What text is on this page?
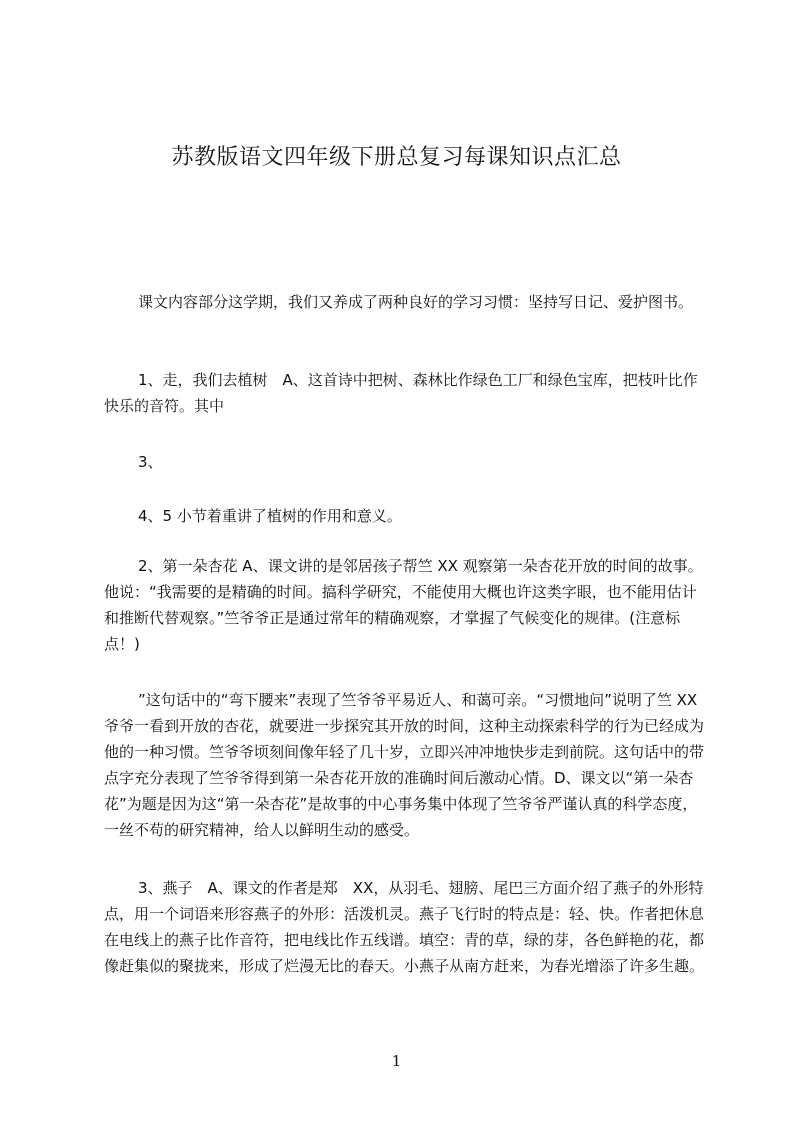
苏教版语文四年级下册总复习每课知识点汇总

课文内容部分这学期，我们又养成了两种良好的学习习惯：坚持写日记、爱护图书。

1、走，我们去植树　A、这首诗中把树、森林比作绿色工厂和绿色宝库，把枝叶比作快乐的音符。其中

3、

4、5 小节着重讲了植树的作用和意义。

2、第一朵杏花 A、课文讲的是邻居孩子帮竺 XX 观察第一朵杏花开放的时间的故事。他说：“我需要的是精确的时间。搞科学研究，不能使用大概也许这类字眼，也不能用估计和推断代替观察。”竺爷爷正是通过常年的精确观察，才掌握了气候变化的规律。(注意标点！)

”这句话中的“弯下腰来”表现了竺爷爷平易近人、和蔼可亲。“习惯地问”说明了竺 XX 爷爷一看到开放的杏花，就要进一步探究其开放的时间，这种主动探索科学的行为已经成为他的一种习惯。竺爷爷顷刻间像年轻了几十岁，立即兴冲冲地快步走到前院。这句话中的带点字充分表现了竺爷爷得到第一朵杏花开放的准确时间后激动心情。D、课文以“第一朵杏花”为题是因为这“第一朵杏花”是故事的中心事务集中体现了竺爷爷严谨认真的科学态度，一丝不苟的研究精神，给人以鲜明生动的感受。

3、燕子　A、课文的作者是郑　XX，从羽毛、翅膀、尾巴三方面介绍了燕子的外形特点，用一个词语来形容燕子的外形：活泼机灵。燕子飞行时的特点是：轻、快。作者把休息在电线上的燕子比作音符，把电线比作五线谱。填空：青的草，绿的芽，各色鲜艳的花，都像赶集似的聚拢来，形成了烂漫无比的春天。小燕子从南方赶来，为春光增添了许多生趣。

1
